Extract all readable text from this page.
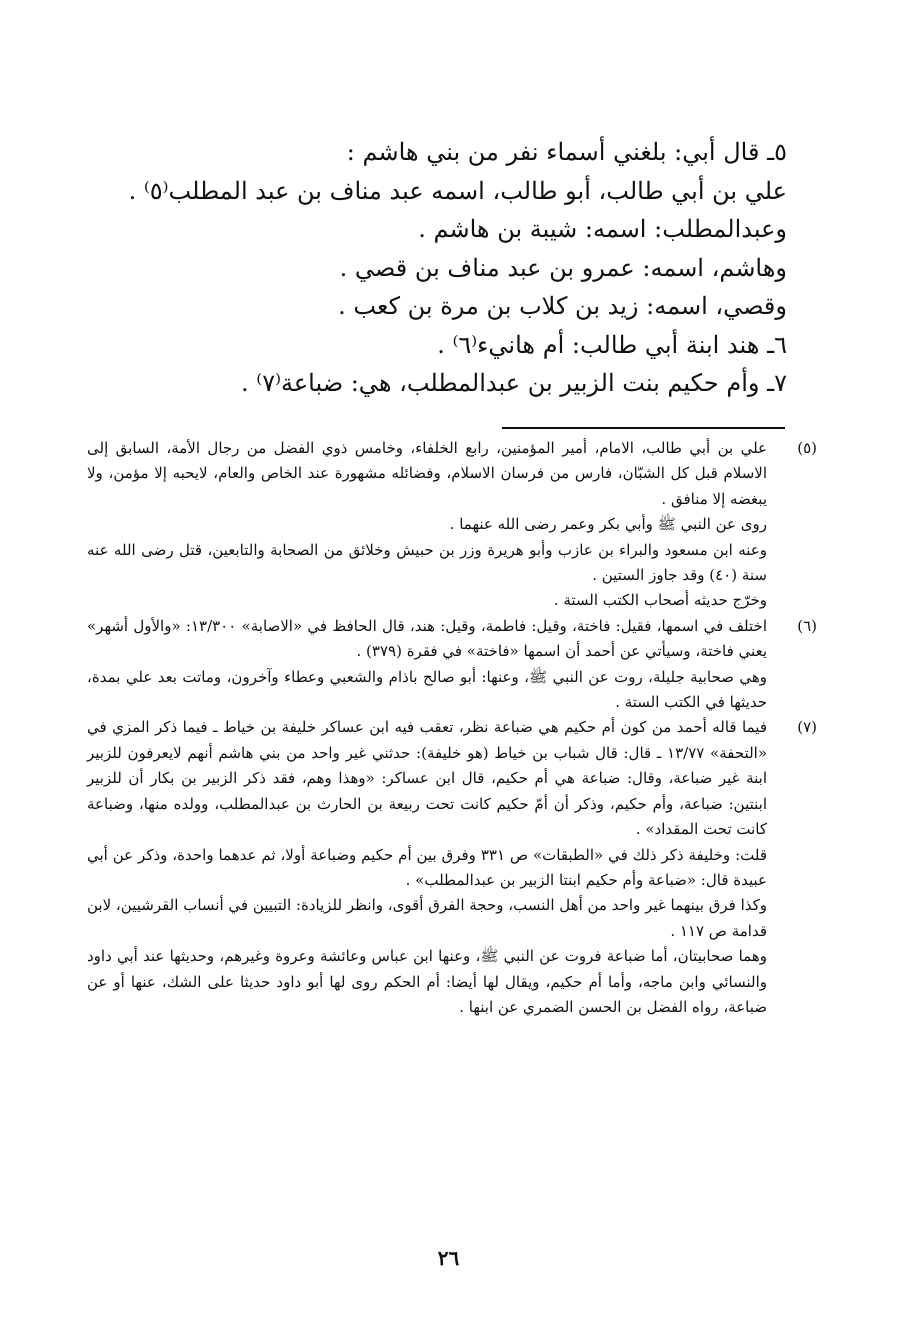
٥ـ قال أبي: بلغني أسماء نفر من بني هاشم :

علي بن أبي طالب، أبو طالب، اسمه عبد مناف بن عبد المطلب⁽٥⁾ .

وعبدالمطلب: اسمه: شيبة بن هاشم .

وهاشم، اسمه: عمرو بن عبد مناف بن قصي .

وقصي، اسمه: زيد بن كلاب بن مرة بن كعب .

٦ـ هند ابنة أبي طالب: أم هانيء⁽٦⁾ .

٧ـ وأم حكيم بنت الزبير بن عبدالمطلب، هي: ضباعة⁽٧⁾ .

(٥)

علي بن أبي طالب، الامام، أمير المؤمنين، رابع الخلفاء، وخامس ذوي الفضل من رجال الأمة، السابق إلى الاسلام قبل كل الشبّان، فارس من فرسان الاسلام، وفضائله مشهورة عند الخاص والعام، لايحبه إلا مؤمن، ولا يبغضه إلا منافق .

روى عن النبي ﷺ وأبي بكر وعمر رضى الله عنهما .

وعنه ابن مسعود والبراء بن عازب وأبو هريرة وزر بن حبيش وخلائق من الصحابة والتابعين، قتل رضى الله عنه سنة (٤٠) وقد جاوز الستين .

وخرّج حديثه أصحاب الكتب الستة .

(٦)

اختلف في اسمها، فقيل: فاختة، وقيل: فاطمة، وقيل: هند، قال الحافظ في «الاصابة» ١٣/٣٠٠: «والأول أشهر» يعني فاختة، وسيأتي عن أحمد أن اسمها «فاختة» في فقرة (٣٧٩) .

وهي صحابية جليلة، روت عن النبي ﷺ، وعنها: أبو صالح باذام والشعبي وعطاء وآخرون، وماتت بعد علي بمدة، حديثها في الكتب الستة .

(٧)

فيما قاله أحمد من كون أم حكيم هي ضباعة نظر، تعقب فيه ابن عساكر خليفة بن خياط ـ فيما ذكر المزي في «التحفة» ١٣/٧٧ ـ قال: قال شباب بن خياط (هو خليفة): حدثني غير واحد من بني هاشم أنهم لايعرفون للزبير ابنة غير ضباعة، وقال: ضباعة هي أم حكيم، قال ابن عساكر: «وهذا وهم، فقد ذكر الزبير بن بكار أن للزبير ابنتين: ضباعة، وأم حكيم، وذكر أن أمّ حكيم كانت تحت ربيعة بن الحارث بن عبدالمطلب، وولده منها، وضباعة كانت تحت المقداد» .

قلت: وخليفة ذكر ذلك في «الطبقات» ص ٣٣١ وفرق بين أم حكيم وضباعة أولا، ثم عدهما واحدة، وذكر عن أبي عبيدة قال: «ضباعة وأم حكيم ابنتا الزبير بن عبدالمطلب» .

وكذا فرق بينهما غير واحد من أهل النسب، وحجة الفرق أقوى، وانظر للزيادة: التبيين في أنساب القرشيين، لابن قدامة ص ١١٧ .

وهما صحابيتان، أما ضباعة فروت عن النبي ﷺ، وعنها ابن عباس وعائشة وعروة وغيرهم، وحديثها عند أبي داود والنسائي وابن ماجه، وأما أم حكيم، ويقال لها أيضا: أم الحكم روى لها أبو داود حديثا على الشك، عنها أو عن ضباعة، رواه الفضل بن الحسن الضمري عن ابنها .

٢٦
